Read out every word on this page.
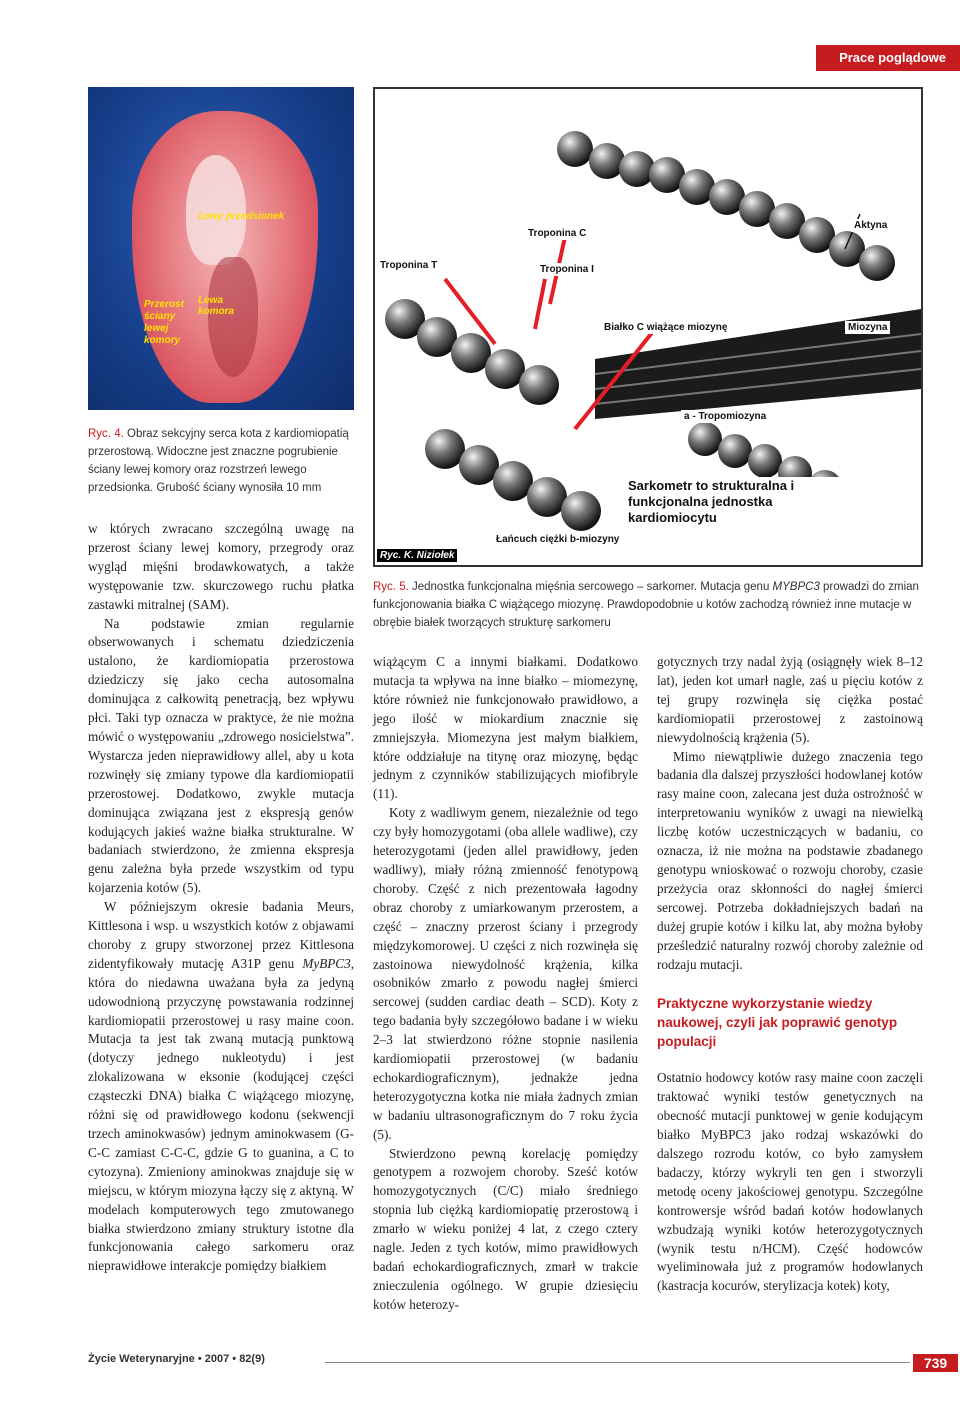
Prace poglądowe
Lewy przedsionek
Lewa komora
Przerost ściany lewej komory
Ryc. 4. Obraz sekcyjny serca kota z kardiomiopatią przerostową. Widoczne jest znaczne pogrubienie ściany lewej komory oraz rozstrzeń lewego przedsionka. Grubość ściany wynosiła 10 mm
Troponina C
Troponina T	Troponina I
Aktyna
Białko C wiążące miozynę	Miozyna
a - Tropomiozyna
Sarkometr to strukturalna i funkcjonalna jednostka kardiomiocytu
Łańcuch ciężki b-miozyny
Ryc. K. Niziołek
Ryc. 5. Jednostka funkcjonalna mięśnia sercowego – sarkomer. Mutacja genu MYBPC3 prowadzi do zmian funkcjonowania białka C wiążącego miozynę. Prawdopodobnie u kotów zachodzą również inne mutacje w obrębie białek tworzących strukturę sarkomeru

w których zwracano szczególną uwagę na przerost ściany lewej komory, przegrody oraz wygląd mięśni brodawkowatych, a także występowanie tzw. skurczowego ruchu płatka zastawki mitralnej (SAM).

Na podstawie zmian regularnie obserwowanych i schematu dziedziczenia ustalono, że kardiomiopatia przerostowa dziedziczy się jako cecha autosomalna dominująca z całkowitą penetracją, bez wpływu płci. Taki typ oznacza w praktyce, że nie można mówić o występowaniu „zdrowego nosicielstwa”. Wystarcza jeden nieprawidłowy allel, aby u kota rozwinęły się zmiany typowe dla kardiomiopatii przerostowej. Dodatkowo, zwykle mutacja dominująca związana jest z ekspresją genów kodujących jakieś ważne białka strukturalne. W badaniach stwierdzono, że zmienna ekspresja genu zależna była przede wszystkim od typu kojarzenia kotów (5).

W późniejszym okresie badania Meurs, Kittlesona i wsp. u wszystkich kotów z objawami choroby z grupy stworzonej przez Kittlesona zidentyfikowały mutację A31P genu MyBPC3, która do niedawna uważana była za jedyną udowodnioną przyczynę powstawania rodzinnej kardiomiopatii przerostowej u rasy maine coon. Mutacja ta jest tak zwaną mutacją punktową (dotyczy jednego nukleotydu) i jest zlokalizowana w eksonie (kodującej części cząsteczki DNA) białka C wiążącego miozynę, różni się od prawidłowego kodonu (sekwencji trzech aminokwasów) jednym aminokwasem (G-C-C zamiast C-C-C, gdzie G to guanina, a C to cytozyna). Zmieniony aminokwas znajduje się w miejscu, w którym miozyna łączy się z aktyną. W modelach komputerowych tego zmutowanego białka stwierdzono zmiany struktury istotne dla funkcjonowania całego sarkomeru oraz nieprawidłowe interakcje pomiędzy białkiem

wiążącym C a innymi białkami. Dodatkowo mutacja ta wpływa na inne białko – miomezynę, które również nie funkcjonowało prawidłowo, a jego ilość w miokardium znacznie się zmniejszyła. Miomezyna jest małym białkiem, które oddziałuje na titynę oraz miozynę, będąc jednym z czynników stabilizujących miofibryle (11).

Koty z wadliwym genem, niezależnie od tego czy były homozygotami (oba allele wadliwe), czy heterozygotami (jeden allel prawidłowy, jeden wadliwy), miały różną zmienność fenotypową choroby. Część z nich prezentowała łagodny obraz choroby z umiarkowanym przerostem, a część – znaczny przerost ściany i przegrody międzykomorowej. U części z nich rozwinęła się zastoinowa niewydolność krążenia, kilka osobników zmarło z powodu nagłej śmierci sercowej (sudden cardiac death – SCD). Koty z tego badania były szczegółowo badane i w wieku 2–3 lat stwierdzono różne stopnie nasilenia kardiomiopatii przerostowej (w badaniu echokardiograficznym), jednakże jedna heterozygotyczna kotka nie miała żadnych zmian w badaniu ultrasonograficznym do 7 roku życia (5).

Stwierdzono pewną korelację pomiędzy genotypem a rozwojem choroby. Sześć kotów homozygotycznych (C/C) miało średniego stopnia lub ciężką kardiomiopatię przerostową i zmarło w wieku poniżej 4 lat, z czego cztery nagle. Jeden z tych kotów, mimo prawidłowych badań echokardiograficznych, zmarł w trakcie znieczulenia ogólnego. W grupie dziesięciu kotów heterozy-

gotycznych trzy nadal żyją (osiągnęły wiek 8–12 lat), jeden kot umarł nagle, zaś u pięciu kotów z tej grupy rozwinęła się ciężka postać kardiomiopatii przerostowej z zastoinową niewydolnością krążenia (5).

Mimo niewątpliwie dużego znaczenia tego badania dla dalszej przyszłości hodowlanej kotów rasy maine coon, zalecana jest duża ostrożność w interpretowaniu wyników z uwagi na niewielką liczbę kotów uczestniczących w badaniu, co oznacza, iż nie można na podstawie zbadanego genotypu wnioskować o rozwoju choroby, czasie przeżycia oraz skłonności do nagłej śmierci sercowej. Potrzeba dokładniejszych badań na dużej grupie kotów i kilku lat, aby można byłoby prześledzić naturalny rozwój choroby zależnie od rodzaju mutacji.

Praktyczne wykorzystanie wiedzy naukowej, czyli jak poprawić genotyp populacji

Ostatnio hodowcy kotów rasy maine coon zaczęli traktować wyniki testów genetycznych na obecność mutacji punktowej w genie kodującym białko MyBPC3 jako rodzaj wskazówki do dalszego rozrodu kotów, co było zamysłem badaczy, którzy wykryli ten gen i stworzyli metodę oceny jakościowej genotypu. Szczególne kontrowersje wśród badań kotów hodowlanych wzbudzają wyniki kotów heterozygotycznych (wynik testu n/HCM). Część hodowców wyeliminowała już z programów hodowlanych (kastracja kocurów, sterylizacja kotek) koty,

Życie Weterynaryjne • 2007 • 82(9)	739
